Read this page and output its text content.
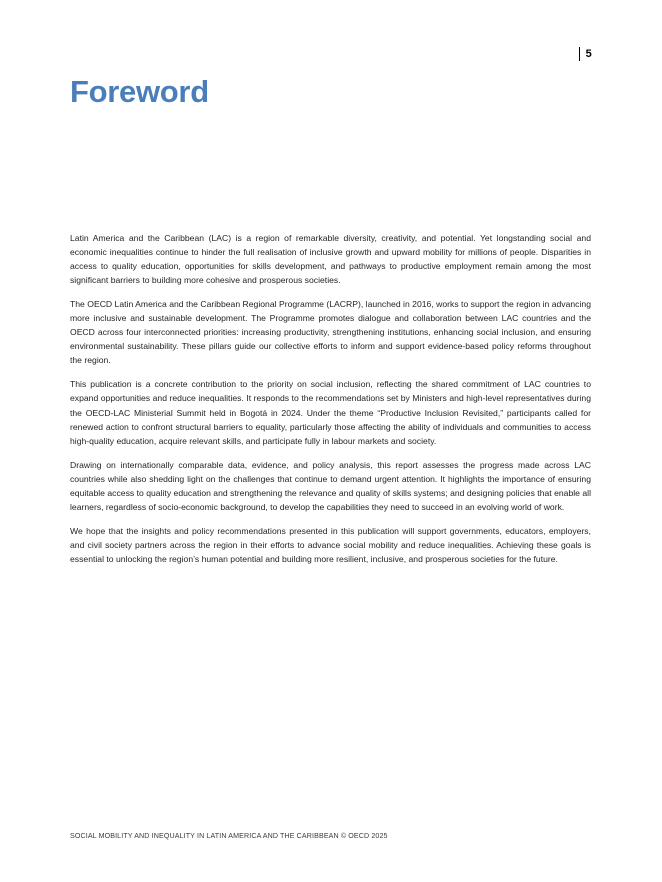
5
Foreword

Latin America and the Caribbean (LAC) is a region of remarkable diversity, creativity, and potential. Yet longstanding social and economic inequalities continue to hinder the full realisation of inclusive growth and upward mobility for millions of people. Disparities in access to quality education, opportunities for skills development, and pathways to productive employment remain among the most significant barriers to building more cohesive and prosperous societies.

The OECD Latin America and the Caribbean Regional Programme (LACRP), launched in 2016, works to support the region in advancing more inclusive and sustainable development. The Programme promotes dialogue and collaboration between LAC countries and the OECD across four interconnected priorities: increasing productivity, strengthening institutions, enhancing social inclusion, and ensuring environmental sustainability. These pillars guide our collective efforts to inform and support evidence-based policy reforms throughout the region.

This publication is a concrete contribution to the priority on social inclusion, reflecting the shared commitment of LAC countries to expand opportunities and reduce inequalities. It responds to the recommendations set by Ministers and high-level representatives during the OECD-LAC Ministerial Summit held in Bogotá in 2024. Under the theme “Productive Inclusion Revisited,” participants called for renewed action to confront structural barriers to equality, particularly those affecting the ability of individuals and communities to access high-quality education, acquire relevant skills, and participate fully in labour markets and society.

Drawing on internationally comparable data, evidence, and policy analysis, this report assesses the progress made across LAC countries while also shedding light on the challenges that continue to demand urgent attention. It highlights the importance of ensuring equitable access to quality education and strengthening the relevance and quality of skills systems; and designing policies that enable all learners, regardless of socio-economic background, to develop the capabilities they need to succeed in an evolving world of work.

We hope that the insights and policy recommendations presented in this publication will support governments, educators, employers, and civil society partners across the region in their efforts to advance social mobility and reduce inequalities. Achieving these goals is essential to unlocking the region’s human potential and building more resilient, inclusive, and prosperous societies for the future.

SOCIAL MOBILITY AND INEQUALITY IN LATIN AMERICA AND THE CARIBBEAN © OECD 2025
